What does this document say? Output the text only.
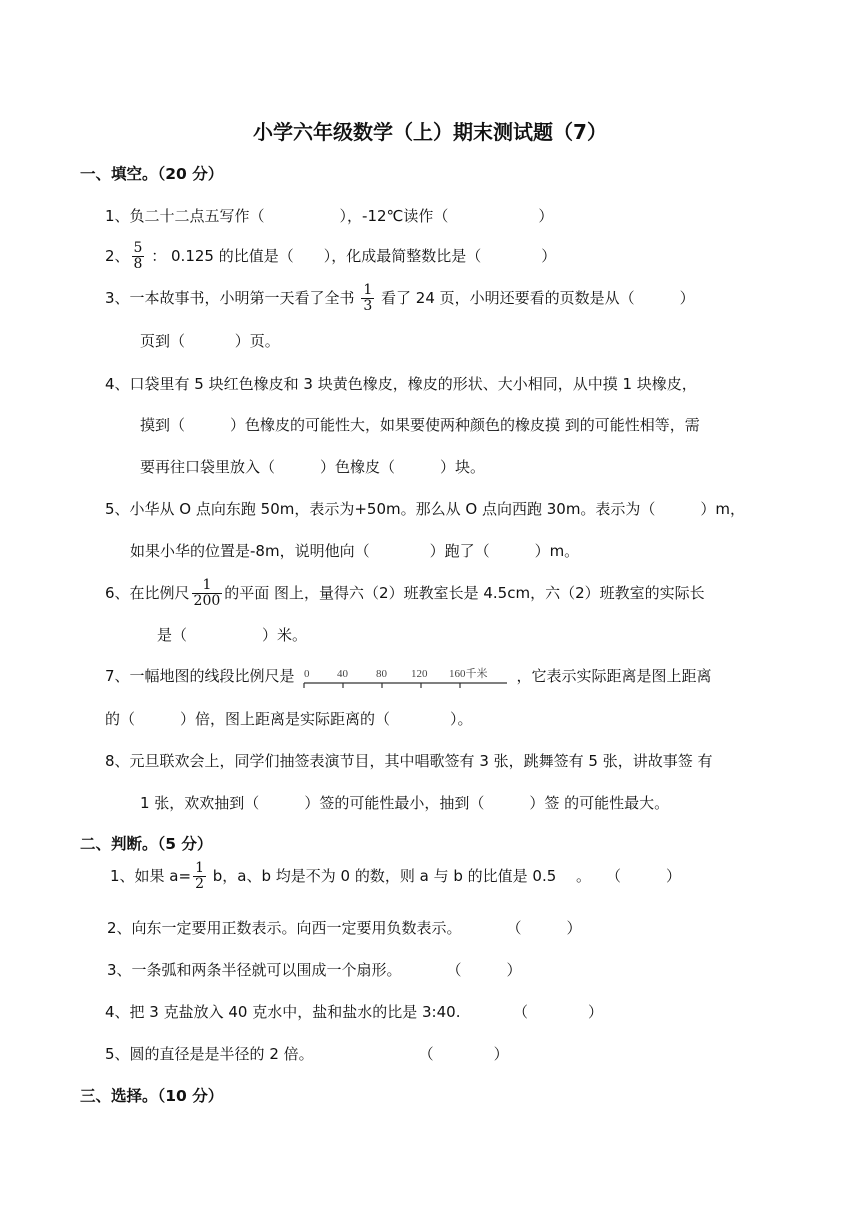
小学六年级数学（上）期末测试题（7）
一、填空。（20 分）
1、负二十二点五写作（　　　　　），-12℃读作（　　　　　　）
2、 $\frac{5}{8}$ ： 0.125 的比值是（　　），化成最简整数比是（　　　　）
3、一本故事书，小明第一天看了全书 $\frac{1}{3}$ 看了 24 页，小明还要看的页数是从（　　　）
页到（　　　 ）页。
4、口袋里有 5 块红色橡皮和 3 块黄色橡皮，橡皮的形状、大小相同，从中摸 1 块橡皮，
摸到（　　　）色橡皮的可能性大，如果要使两种颜色的橡皮摸 到的可能性相等，需
要再往口袋里放入（　　　）色橡皮（　　　）块。
5、小华从 O 点向东跑 50m，表示为+50m。那么从 O 点向西跑 30m。表示为（　　　）m，
如果小华的位置是-8m，说明他向（　　　　）跑了（　　　）m。
6、在比例尺 $\frac{1}{200}$ 的平面 图上，量得六（2）班教室长是 4.5cm，六（2）班教室的实际长
是（　　　　　）米。
7、一幅地图的线段比例尺是 0	40	80 120 160千米 ，它表示实际距离是图上距离
的（　　　）倍，图上距离是实际距离的（　　　　）。
8、元旦联欢会上，同学们抽签表演节目，其中唱歌签有 3 张，跳舞签有 5 张，讲故事签 有
1 张，欢欢抽到（　　　）签的可能性最小，抽到（　　　）签 的可能性最大。
二、判断。（5 分）
1、如果 $a= \frac{1}{2}$ b，a、b 均是不为 0 的数，则 a 与 b 的比值是 0.5　 。　　（　　　）
2、向东一定要用正数表示。向西一定要用负数表示。　　　　（　　　）
3、一条弧和两条半径就可以围成一个扇形。　　　　（　　　）
4、把 3 克盐放入 40 克水中，盐和盐水的比是 3:40.　　　　（　　　　）
5、圆的直径是是半径的 2 倍。　　　　　　　　（　　　　）
三、选择。（10 分）
